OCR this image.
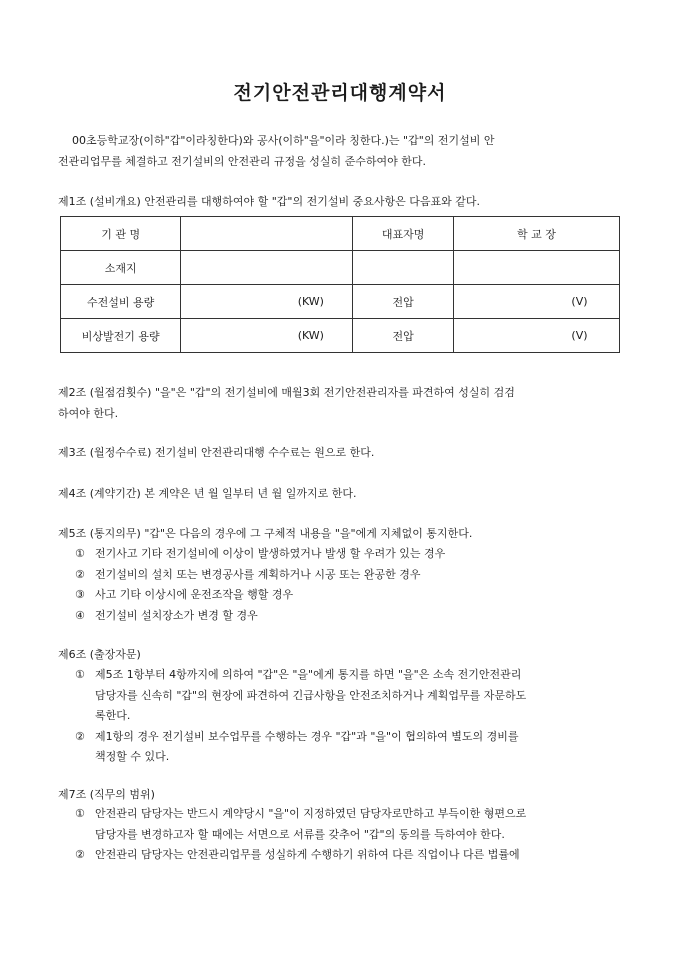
전기안전관리대행계약서
00초등학교장(이하"갑"이라칭한다)와 공사(이하"을"이라 칭한다.)는 "갑"의 전기설비 안
전관리업무를 체결하고 전기설비의 안전관리 규정을 성실히 준수하여야 한다.
제1조 (설비개요) 안전관리를 대행하여야 할 "갑"의 전기설비 중요사항은 다음표와 같다.
기 관 명		대표자명	학 교 장
소재지			
수전설비 용량	(KW)	전압	(V)
비상발전기 용량	(KW)	전압	(V)
제2조 (월점검횟수) "을"은 "갑"의 전기설비에 매월3회 전기안전관리자를 파견하여 성실히 검검
하여야 한다.
제3조 (월정수수료) 전기설비 안전관리대행 수수료는 원으로 한다.
제4조 (계약기간) 본 계약은 년 월 일부터 년 월 일까지로 한다.
제5조 (통지의무) "갑"은 다음의 경우에 그 구체적 내용을 "을"에게 지체없이 통지한다.
① 전기사고 기타 전기설비에 이상이 발생하였거나 발생 할 우려가 있는 경우
② 전기설비의 설치 또는 변경공사를 계획하거나 시공 또는 완공한 경우
③ 사고 기타 이상시에 운전조작을 행할 경우
④ 전기설비 설치장소가 변경 할 경우
제6조 (출장자문)
① 제5조 1항부터 4항까지에 의하여 "갑"은 "을"에게 통지를 하면 "을"은 소속 전기안전관리
담당자를 신속히 "갑"의 현장에 파견하여 긴급사항을 안전조치하거나 계획업무를 자문하도
록한다.
② 제1항의 경우 전기설비 보수업무를 수행하는 경우 "갑"과 "을"이 협의하여 별도의 경비를
책정할 수 있다.
제7조 (직무의 범위)
① 안전관리 담당자는 반드시 계약당시 "을"이 지정하였던 담당자로만하고 부득이한 형편으로
담당자를 변경하고자 할 때에는 서면으로 서류를 갖추어 "갑"의 동의를 득하여야 한다.
② 안전관리 담당자는 안전관리업무를 성실하게 수행하기 위하여 다른 직업이나 다른 법률에
